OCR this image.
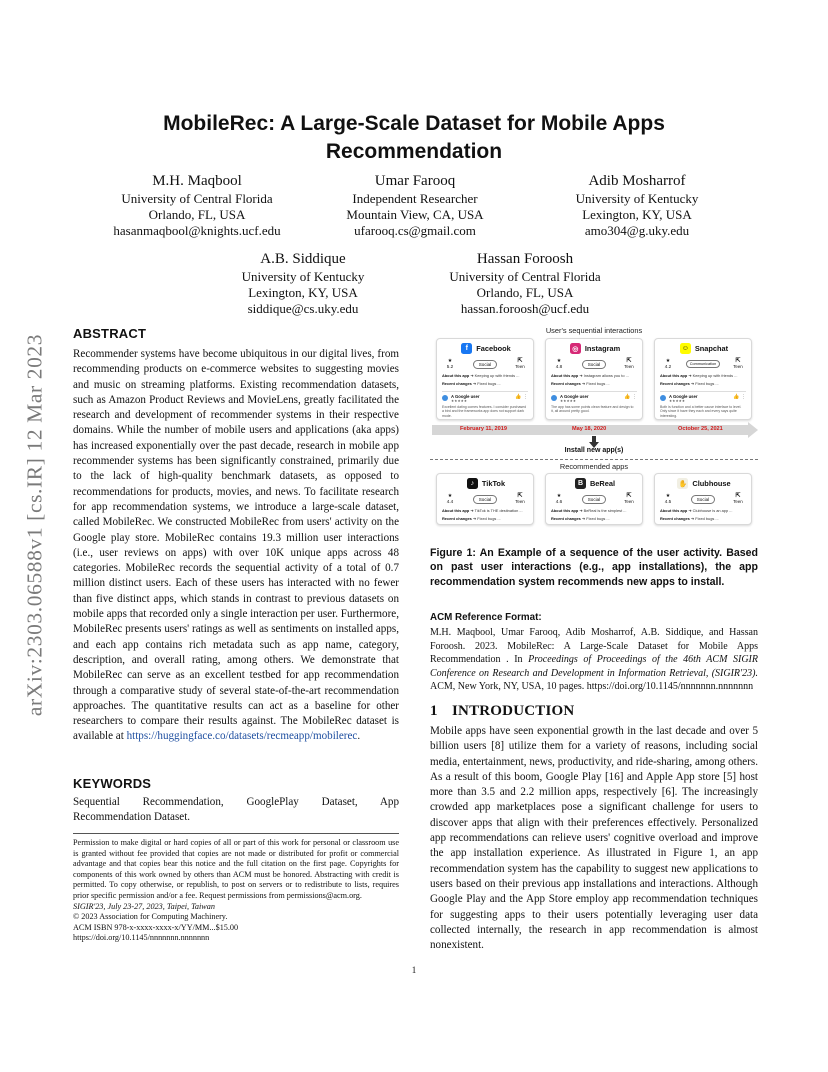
arXiv:2303.06588v1 [cs.IR] 12 Mar 2023
MobileRec: A Large-Scale Dataset for Mobile Apps Recommendation
M.H. Maqbool
University of Central Florida
Orlando, FL, USA
hasanmaqbool@knights.ucf.edu
Umar Farooq
Independent Researcher
Mountain View, CA, USA
ufarooq.cs@gmail.com
Adib Mosharrof
University of Kentucky
Lexington, KY, USA
amo304@g.uky.edu
A.B. Siddique
University of Kentucky
Lexington, KY, USA
siddique@cs.uky.edu
Hassan Foroosh
University of Central Florida
Orlando, FL, USA
hassan.foroosh@ucf.edu
ABSTRACT
Recommender systems have become ubiquitous in our digital lives, from recommending products on e-commerce websites to suggesting movies and music on streaming platforms. Existing recommendation datasets, such as Amazon Product Reviews and MovieLens, greatly facilitated the research and development of recommender systems in their respective domains. While the number of mobile users and applications (aka apps) has increased exponentially over the past decade, research in mobile app recommender systems has been significantly constrained, primarily due to the lack of high-quality benchmark datasets, as opposed to recommendations for products, movies, and news. To facilitate research for app recommendation systems, we introduce a large-scale dataset, called MobileRec. We constructed MobileRec from users' activity on the Google play store. MobileRec contains 19.3 million user interactions (i.e., user reviews on apps) with over 10K unique apps across 48 categories. MobileRec records the sequential activity of a total of 0.7 million distinct users. Each of these users has interacted with no fewer than five distinct apps, which stands in contrast to previous datasets on mobile apps that recorded only a single interaction per user. Furthermore, MobileRec presents users' ratings as well as sentiments on installed apps, and each app contains rich metadata such as app name, category, description, and overall rating, among others. We demonstrate that MobileRec can serve as an excellent testbed for app recommendation through a comparative study of several state-of-the-art recommendation approaches. The quantitative results can act as a baseline for other researchers to compare their results against. The MobileRec dataset is available at https://huggingface.co/datasets/recmeapp/mobilerec.
KEYWORDS
Sequential Recommendation, GooglePlay Dataset, App Recommendation Dataset.
Permission to make digital or hard copies of all or part of this work for personal or classroom use is granted without fee provided that copies are not made or distributed for profit or commercial advantage and that copies bear this notice and the full citation on the first page. Copyrights for components of this work owned by others than ACM must be honored. Abstracting with credit is permitted. To copy otherwise, or republish, to post on servers or to redistribute to lists, requires prior specific permission and/or a fee. Request permissions from permissions@acm.org.
SIGIR'23, July 23-27, 2023, Taipei, Taiwan
© 2023 Association for Computing Machinery.
ACM ISBN 978-x-xxxx-xxxx-x/YY/MM...$15.00
https://doi.org/10.1145/nnnnnnn.nnnnnnn
User's sequential interactions
f	Facebook
★
5.2	Social	⇱
Teen
About this app ➜ Keeping up with friends ...
Recent changes ➜ Fixed bugs ...
A Google user
★★★★★
👍 ⋮
Excellent dating comes features. I consider purchased a bird and the frameworks app does not support dark mode.
◎ Instagram
★
4.8	Social	⇱
Teen
About this app ➜ Instagram allows you to ...
Recent changes ➜ Fixed bugs ...
A Google user
★★★★★
👍 ⋮
The app has some points clean feature and design to it, all around pretty good.
☺ Snapchat
★
4.2	Communication	⇱
Teen
About this app ➜ Keeping up with friends ...
Recent changes ➜ Fixed bugs ...
A Google user
★★★★★
👍 ⋮
Both is function and a better cause interface to level. Only since it have they each and every says quite interesting.
February 11, 2019	May 18, 2020	October 25, 2021
Install new app(s)
Recommended apps
♪	TikTok
★
4.4	Social	⇱
Teen
About this app ➜ TikTok is THE destination ...
Recent changes ➜ Fixed bugs ...
B BeReal
★
4.6	Social	⇱
Teen
About this app ➜ BeReal is the simplest ...
Recent changes ➜ Fixed bugs ...
✋ Clubhouse
★
4.5	Social	⇱
Teen
About this app ➜ Clubhouse is an app ...
Recent changes ➜ Fixed bugs ...
Figure 1: An Example of a sequence of the user activity. Based on past user interactions (e.g., app installations), the app recommendation system recommends new apps to install.
ACM Reference Format:
M.H. Maqbool, Umar Farooq, Adib Mosharrof, A.B. Siddique, and Hassan Foroosh. 2023. MobileRec: A Large-Scale Dataset for Mobile Apps Recommendation . In Proceedings of Proceedings of the 46th ACM SIGIR Conference on Research and Development in Information Retrieval, (SIGIR'23). ACM, New York, NY, USA, 10 pages. https://doi.org/10.1145/nnnnnnn.nnnnnnn
1 INTRODUCTION
Mobile apps have seen exponential growth in the last decade and over 5 billion users [8] utilize them for a variety of reasons, including social media, entertainment, news, productivity, and ride-sharing, among others. As a result of this boom, Google Play [16] and Apple App store [5] host more than 3.5 and 2.2 million apps, respectively [6]. The increasingly crowded app marketplaces pose a significant challenge for users to discover apps that align with their preferences effectively. Personalized app recommendations can relieve users' cognitive overload and improve the app installation experience. As illustrated in Figure 1, an app recommendation system has the capability to suggest new applications to users based on their previous app installations and interactions. Although Google Play and the App Store employ app recommendation techniques for suggesting apps to their users potentially leveraging user data collected internally, the research in app recommendation is almost nonexistent.
1
